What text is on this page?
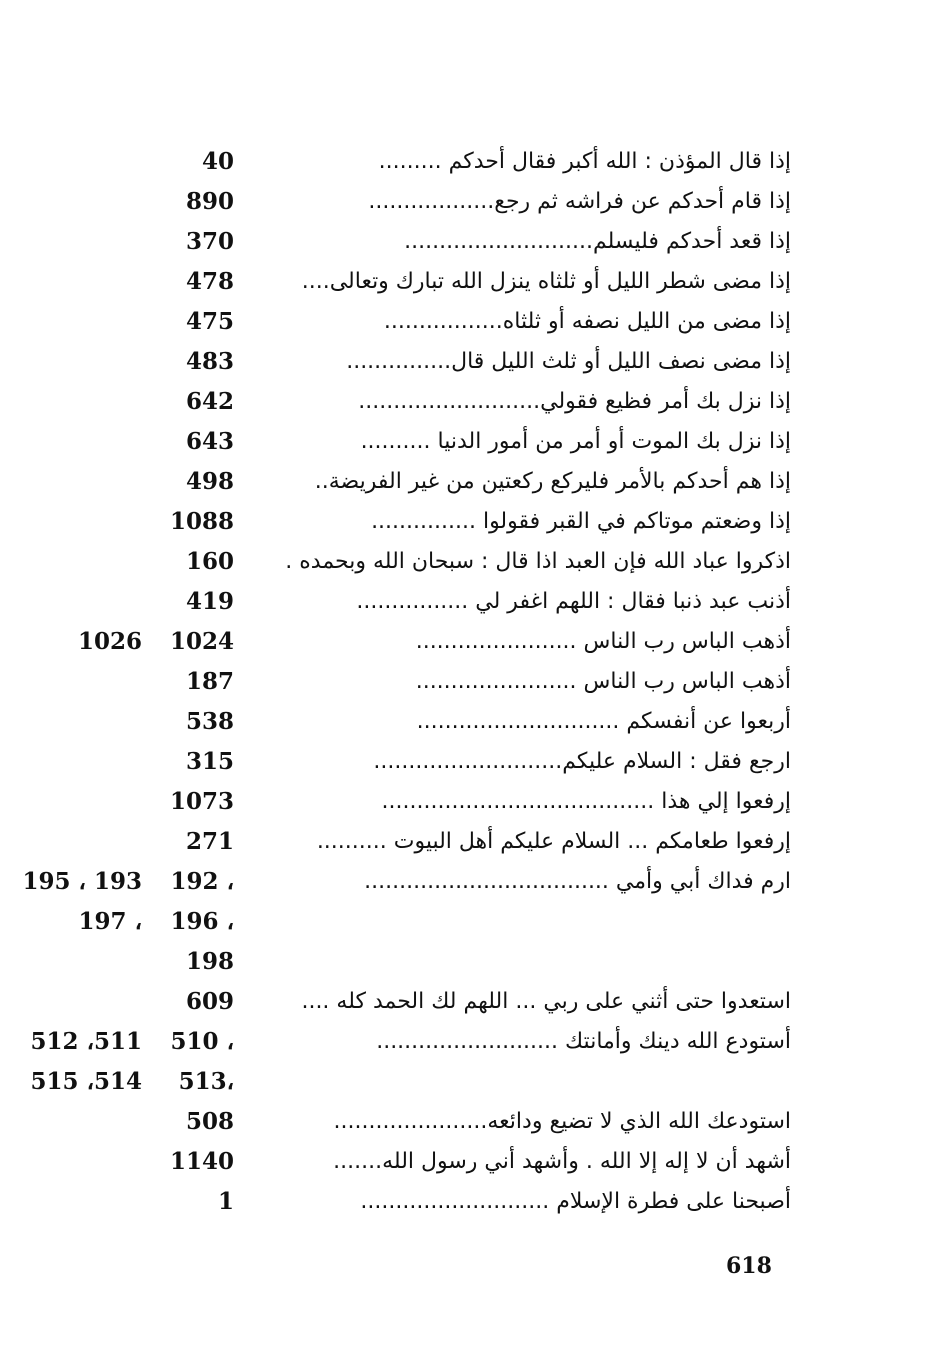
إذا قال المؤذن : الله أكبر فقال أحدكم .........
40
إذا قام أحدكم عن فراشه ثم رجع..................
890
إذا قعد أحدكم فليسلم...........................
370
إذا مضى شطر الليل أو ثلثاه ينزل الله تبارك وتعالى....
478
إذا مضى من الليل نصفه أو ثلثاه.................
475
إذا مضى نصف الليل أو ثلث الليل قال...............
483
إذا نزل بك أمر فظيع فقولي..........................
642
إذا نزل بك الموت أو أمر من أمور الدنيا ..........
643
إذا هم أحدكم بالأمر فليركع ركعتين من غير الفريضة..
498
إذا وضعتم موتاكم في القبر فقولوا ...............
1088
اذكروا عباد الله فإن العبد اذا قال : سبحان الله وبحمده .
160
أذنب عبد ذنبا فقال : اللهم اغفر لي ................
419
أذهب الباس رب الناس .......................
1024
1026
أذهب الباس رب الناس .......................
187
أربعوا عن أنفسكم .............................
538
ارجع فقل : السلام عليكم...........................
315
إرفعوا إلي هذا .......................................
1073
إرفعوا طعامكم ... السلام عليكم أهل البيوت ..........
271
ارم فداك أبي وأمي ...................................
192 ،
195 ، 193
196 ،
197 ،
198
استعدوا حتى أثني على ربي ... اللهم لك الحمد كله ....
609
أستودع الله دينك وأمانتك ..........................
510 ،
512 ،511
513،
515 ،514
استودعك الله الذي لا تضيع ودائعه......................
508
أشهد أن لا إله إلا الله . وأشهد أني رسول الله.......
1140
أصبحنا على فطرة الإسلام ...........................
1
618
